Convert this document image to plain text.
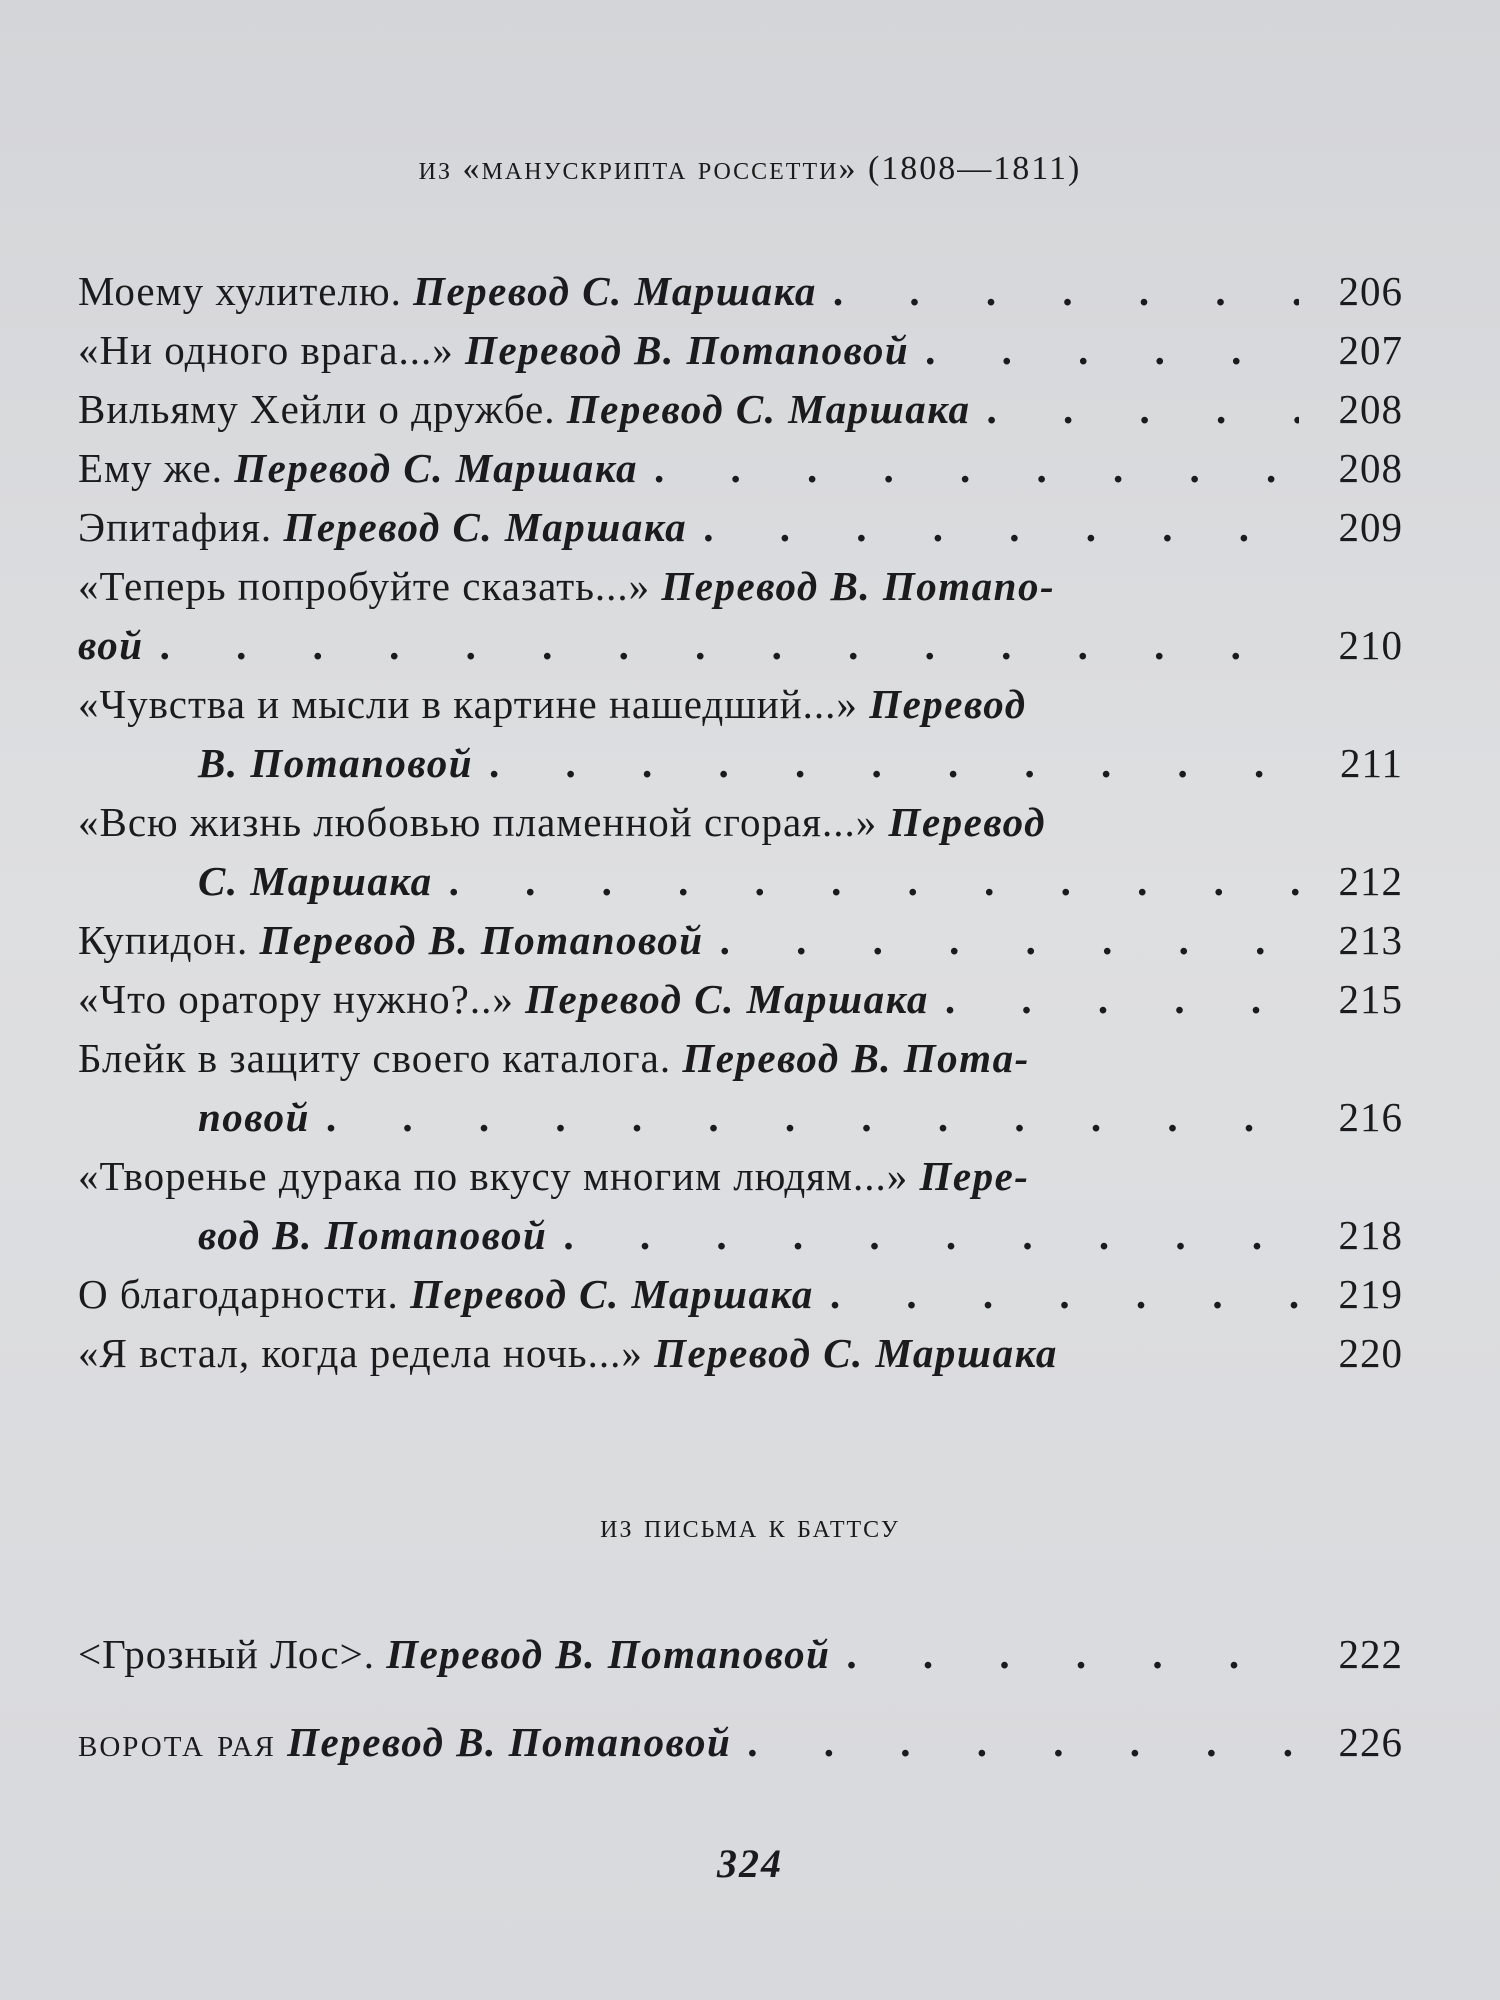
из «манускрипта россетти» (1808—1811)
Моему хулителю. Перевод С. Маршака . . .	206
«Ни одного врага...» Перевод В. Потаповой . . .	207
Вильяму Хейли о дружбе. Перевод С. Маршака . . .	208
Ему же. Перевод С. Маршака . . .	208
Эпитафия. Перевод С. Маршака . . .	209
«Теперь попробуйте сказать...» Перевод В. Потапо-
вой . . .	210
«Чувства и мысли в картине нашедший...» Перевод
В. Потаповой . . .	211
«Всю жизнь любовью пламенной сгорая...» Перевод
С. Маршака . . .	212
Купидон. Перевод В. Потаповой . . .	213
«Что оратору нужно?..» Перевод С. Маршака . . .	215
Блейк в защиту своего каталога. Перевод В. Пота-
повой . . .	216
«Творенье дурака по вкусу многим людям...» Пере-
вод В. Потаповой . . .	218
О благодарности. Перевод С. Маршака . . .	219
«Я встал, когда редела ночь...» Перевод С. Маршака	220
из письма к баттсу
<Грозный Лос>. Перевод В. Потаповой . . .	222
ворота рая Перевод В. Потаповой . . .	226
324
